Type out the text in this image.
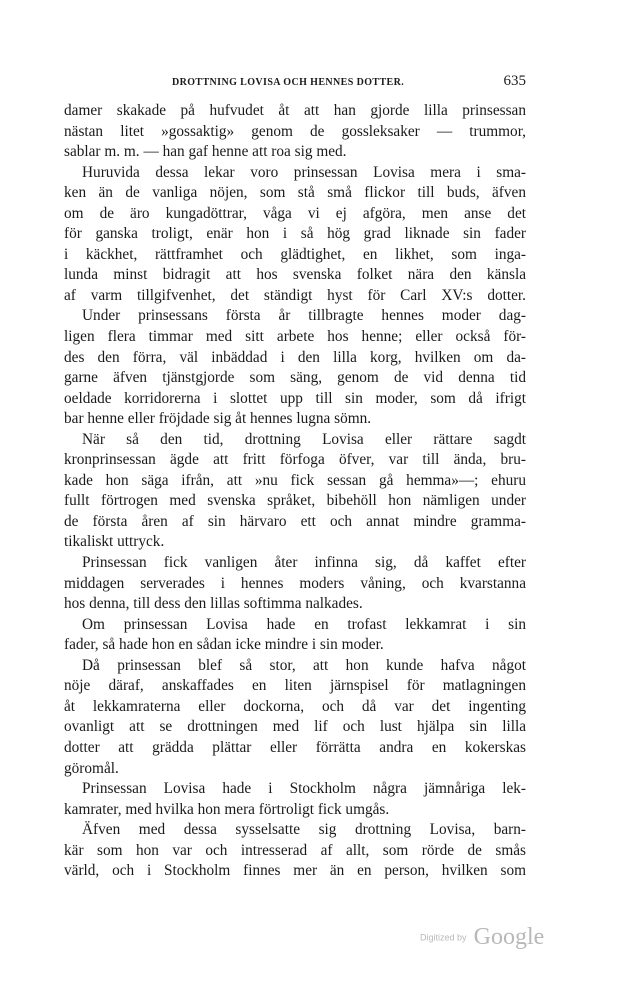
DROTTNING LOVISA OCH HENNES DOTTER.	635
damer skakade på hufvudet åt att han gjorde lilla prinsessan
nästan litet »gossaktig» genom de gossleksaker — trummor,
sablar m. m. — han gaf henne att roa sig med.
Huruvida dessa lekar voro prinsessan Lovisa mera i sma-
ken än de vanliga nöjen, som stå små flickor till buds, äfven
om de äro kungadöttrar, våga vi ej afgöra, men anse det
för ganska troligt, enär hon i så hög grad liknade sin fader
i käckhet, rättframhet och glädtighet, en likhet, som inga-
lunda minst bidragit att hos svenska folket nära den känsla
af varm tillgifvenhet, det ständigt hyst för Carl XV:s dotter.
Under prinsessans första år tillbragte hennes moder dag-
ligen flera timmar med sitt arbete hos henne; eller också för-
des den förra, väl inbäddad i den lilla korg, hvilken om da-
garne äfven tjänstgjorde som säng, genom de vid denna tid
oeldade korridorerna i slottet upp till sin moder, som då ifrigt
bar henne eller fröjdade sig åt hennes lugna sömn.
När så den tid, drottning Lovisa eller rättare sagdt
kronprinsessan ägde att fritt förfoga öfver, var till ända, bru-
kade hon säga ifrån, att »nu fick sessan gå hemma»—; ehuru
fullt förtrogen med svenska språket, bibehöll hon nämligen under
de första åren af sin härvaro ett och annat mindre gramma-
tikaliskt uttryck.
Prinsessan fick vanligen åter infinna sig, då kaffet efter
middagen serverades i hennes moders våning, och kvarstanna
hos denna, till dess den lillas softimma nalkades.
Om prinsessan Lovisa hade en trofast lekkamrat i sin
fader, så hade hon en sådan icke mindre i sin moder.
Då prinsessan blef så stor, att hon kunde hafva något
nöje däraf, anskaffades en liten järnspisel för matlagningen
åt lekkamraterna eller dockorna, och då var det ingenting
ovanligt att se drottningen med lif och lust hjälpa sin lilla
dotter att grädda plättar eller förrätta andra en kokerskas
göromål.
Prinsessan Lovisa hade i Stockholm några jämnåriga lek-
kamrater, med hvilka hon mera förtroligt fick umgås.
Äfven med dessa sysselsatte sig drottning Lovisa, barn-
kär som hon var och intresserad af allt, som rörde de smås
värld, och i Stockholm finnes mer än en person, hvilken som
Digitized by Google
